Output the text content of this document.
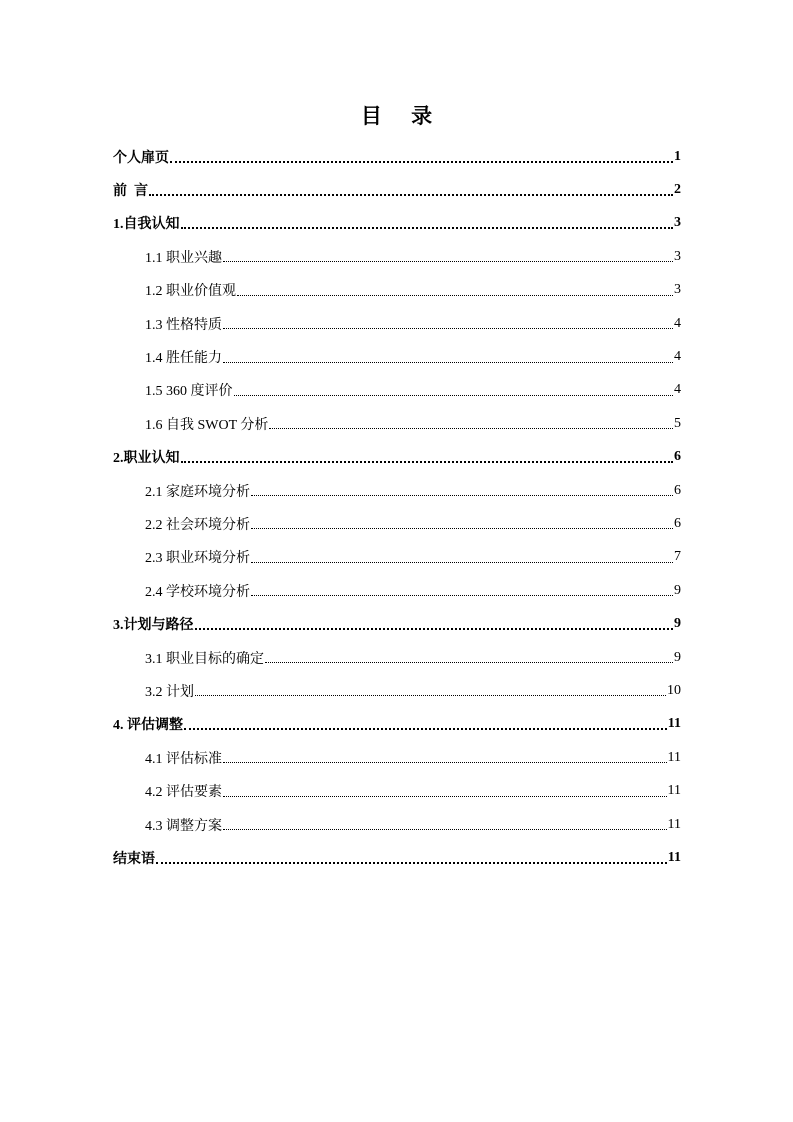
目 录
个人扉页	1
前  言	2
1.自我认知	3
1.1 职业兴趣	3
1.2 职业价值观	3
1.3 性格特质	4
1.4 胜任能力	4
1.5 360 度评价	4
1.6 自我 SWOT 分析	5
2.职业认知	6
2.1 家庭环境分析	6
2.2 社会环境分析	6
2.3 职业环境分析	7
2.4 学校环境分析	9
3.计划与路径	9
3.1 职业目标的确定	9
3.2 计划	10
4. 评估调整	11
4.1 评估标准	11
4.2 评估要素	11
4.3 调整方案	11
结束语	11
